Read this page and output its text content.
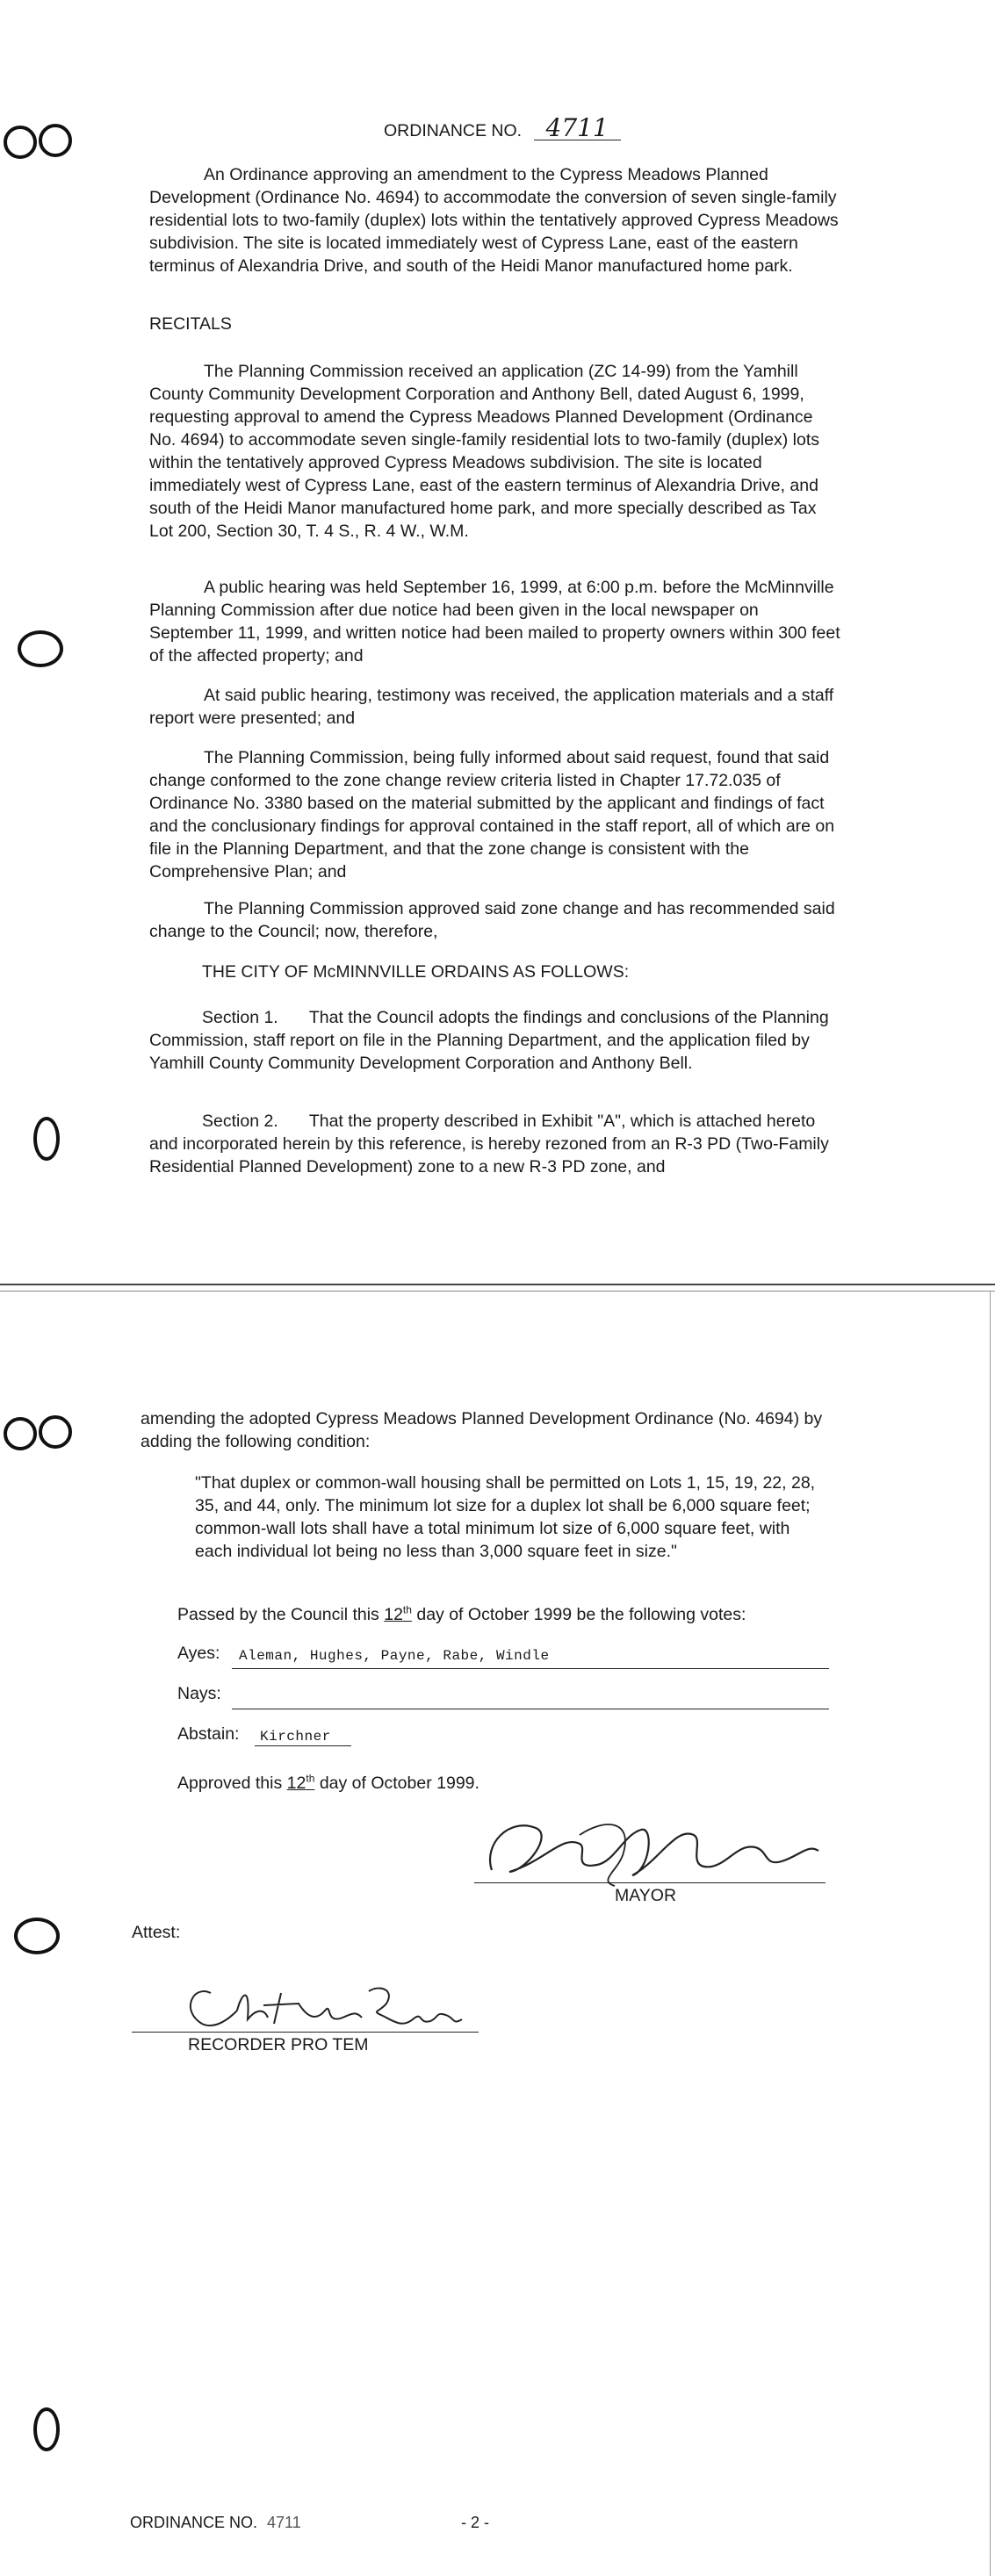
ORDINANCE NO. 4711
An Ordinance approving an amendment to the Cypress Meadows Planned Development (Ordinance No. 4694) to accommodate the conversion of seven single-family residential lots to two-family (duplex) lots within the tentatively approved Cypress Meadows subdivision. The site is located immediately west of Cypress Lane, east of the eastern terminus of Alexandria Drive, and south of the Heidi Manor manufactured home park.
RECITALS
The Planning Commission received an application (ZC 14-99) from the Yamhill County Community Development Corporation and Anthony Bell, dated August 6, 1999, requesting approval to amend the Cypress Meadows Planned Development (Ordinance No. 4694) to accommodate seven single-family residential lots to two-family (duplex) lots within the tentatively approved Cypress Meadows subdivision. The site is located immediately west of Cypress Lane, east of the eastern terminus of Alexandria Drive, and south of the Heidi Manor manufactured home park, and more specially described as Tax Lot 200, Section 30, T. 4 S., R. 4 W., W.M.
A public hearing was held September 16, 1999, at 6:00 p.m. before the McMinnville Planning Commission after due notice had been given in the local newspaper on September 11, 1999, and written notice had been mailed to property owners within 300 feet of the affected property; and
At said public hearing, testimony was received, the application materials and a staff report were presented; and
The Planning Commission, being fully informed about said request, found that said change conformed to the zone change review criteria listed in Chapter 17.72.035 of Ordinance No. 3380 based on the material submitted by the applicant and findings of fact and the conclusionary findings for approval contained in the staff report, all of which are on file in the Planning Department, and that the zone change is consistent with the Comprehensive Plan; and
The Planning Commission approved said zone change and has recommended said change to the Council; now, therefore,
THE CITY OF McMINNVILLE ORDAINS AS FOLLOWS:
Section 1. That the Council adopts the findings and conclusions of the Planning Commission, staff report on file in the Planning Department, and the application filed by Yamhill County Community Development Corporation and Anthony Bell.
Section 2. That the property described in Exhibit "A", which is attached hereto and incorporated herein by this reference, is hereby rezoned from an R-3 PD (Two-Family Residential Planned Development) zone to a new R-3 PD zone, and
amending the adopted Cypress Meadows Planned Development Ordinance (No. 4694) by adding the following condition:
"That duplex or common-wall housing shall be permitted on Lots 1, 15, 19, 22, 28, 35, and 44, only. The minimum lot size for a duplex lot shall be 6,000 square feet; common-wall lots shall have a total minimum lot size of 6,000 square feet, with each individual lot being no less than 3,000 square feet in size."
Passed by the Council this 12th day of October 1999 be the following votes:
Ayes: Aleman, Hughes, Payne, Rabe, Windle
Nays:
Abstain: Kirchner
Approved this 12th day of October 1999.
MAYOR
Attest:
RECORDER PRO TEM
ORDINANCE NO. 4711	- 2 -
